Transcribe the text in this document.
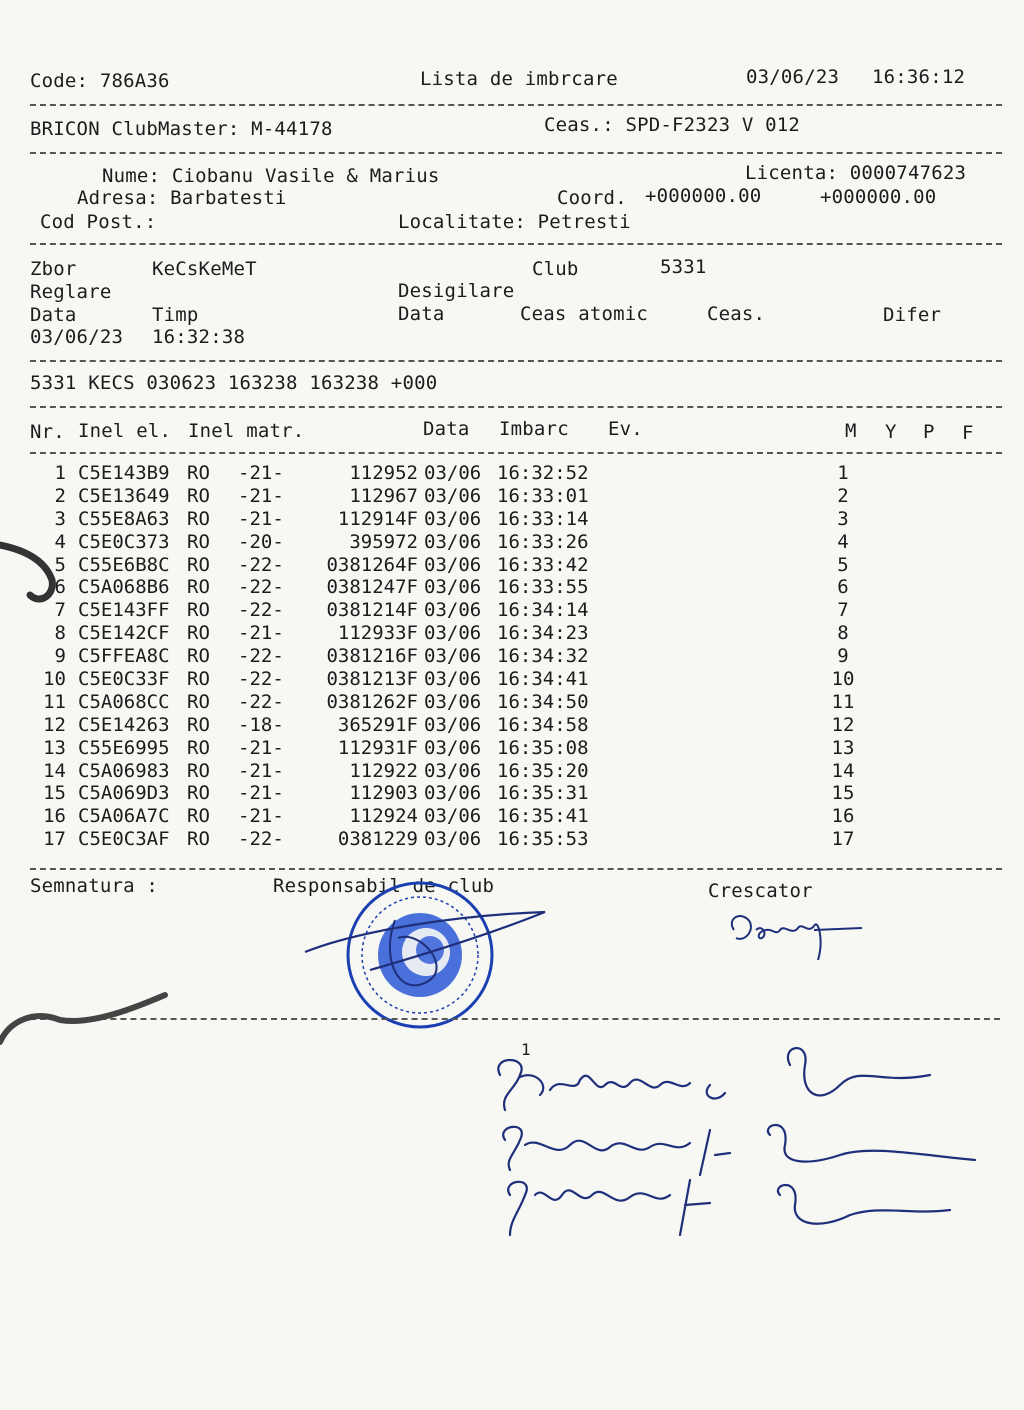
Code: 786A36	Lista de imbrcare	03/06/23 16:36:12
BRICON ClubMaster: M-44178	Ceas.: SPD-F2323 V 012
Nume: Ciobanu Vasile & Marius	Licenta: 0000747623
Adresa: Barbatesti	Coord. +000000.00	+000000.00
Cod Post.:	Localitate: Petresti
Zbor	KeCsKeMeT	Club	5331
Reglare	Desigilare
Data	Timp	Data	Ceas atomic	Ceas.	Difer
03/06/23 16:32:38
5331 KECS 030623 163238 163238 +000
Nr. Inel el. Inel matr.	Data Imbarc Ev.	M Y P F
1 C5E143B9 RO -21-	112952 03/06 16:32:52	1
2 C5E13649 RO -21-	112967 03/06 16:33:01	2
3 C55E8A63 RO -21-	112914F 03/06 16:33:14	3
4 C5E0C373 RO -20-	395972 03/06 16:33:26	4
5 C55E6B8C RO -22-	0381264F 03/06 16:33:42	5
6 C5A068B6 RO -22-	0381247F 03/06 16:33:55	6
7 C5E143FF RO -22-	0381214F 03/06 16:34:14	7
8 C5E142CF RO -21-	112933F 03/06 16:34:23	8
9 C5FFEA8C RO -22-	0381216F 03/06 16:34:32	9
10 C5E0C33F RO -22-	0381213F 03/06 16:34:41	10
11 C5A068CC RO -22-	0381262F 03/06 16:34:50	11
12 C5E14263 RO -18-	365291F 03/06 16:34:58	12
13 C55E6995 RO -21-	112931F 03/06 16:35:08	13
14 C5A06983 RO -21-	112922 03/06 16:35:20	14
15 C5A069D3 RO -21-	112903 03/06 16:35:31	15
16 C5A06A7C RO -21-	112924 03/06 16:35:41	16
17 C5E0C3AF RO -22-	0381229 03/06 16:35:53	17
Semnatura :	Responsabil de club	Crescator
1
